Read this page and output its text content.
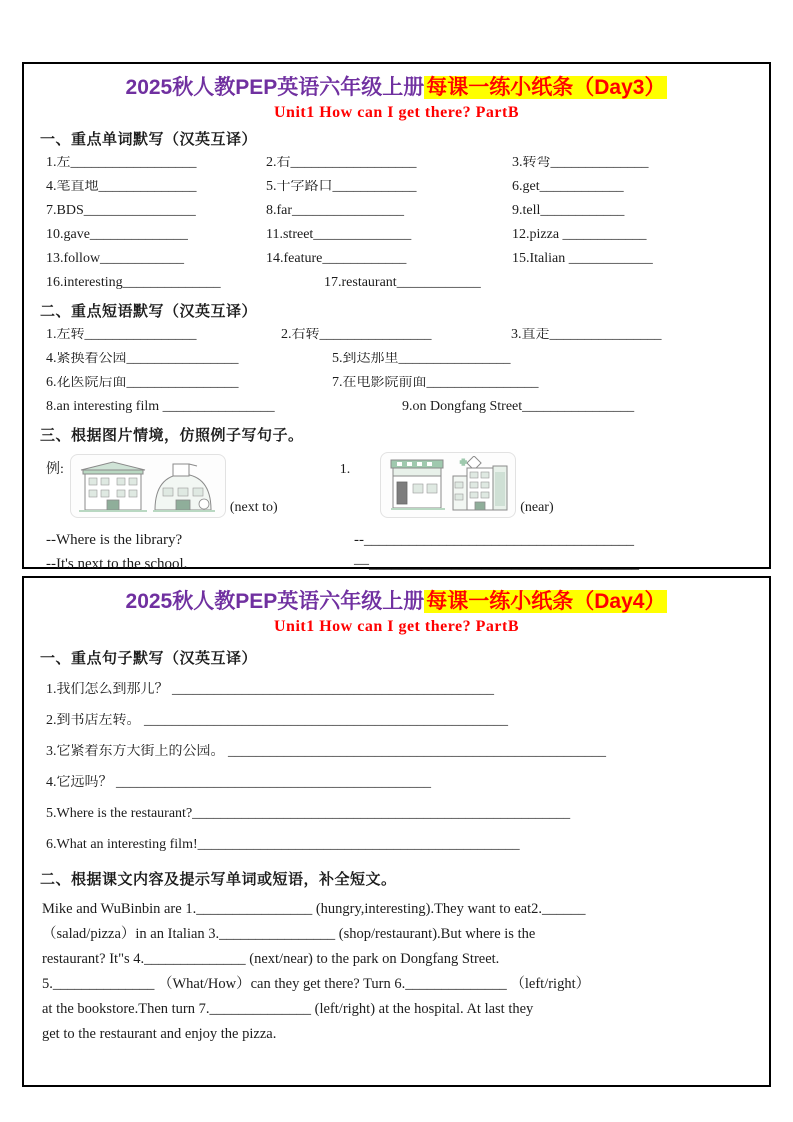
2025秋人教PEP英语六年级上册每课一练小纸条（Day3）
Unit1 How can I get there? PartB
一、重点单词默写（汉英互译）
1.左__________________	2.右__________________	3.转弯______________
4.笔直地______________	5.十字路口____________	6.get____________
7.BDS________________	8.far________________	9.tell____________
10.gave______________	11.street______________	12.pizza ____________
13.follow____________	14.feature____________	15.Italian ____________
16.interesting______________	17.restaurant____________
二、重点短语默写（汉英互译）
1.左转________________	2.右转________________	3.直走________________
4.紧换着公园________________	5.到达那里________________
6.花医院后面________________	7.在电影院前面________________
8.an interesting film ________________	9.on Dongfang Street________________
三、根据图片情境，仿照例子写句子。
例:
(next to)
1.
(near)
--Where is the library?	--____________________________________
--It's next to the school.	—____________________________________
2025秋人教PEP英语六年级上册每课一练小纸条（Day4）
Unit1 How can I get there? PartB
一、重点句子默写（汉英互译）
1.我们怎么到那儿？ ______________________________________________
2.到书店左转。 ____________________________________________________
3.它紧着东方大街上的公园。 ______________________________________________________
4.它远吗？ _____________________________________________
5.Where is the restaurant?______________________________________________________
6.What an interesting film!______________________________________________
二、根据课文内容及提示写单词或短语，补全短文。
Mike and WuBinbin are 1.________________ (hungry,interesting).They want to eat2.______
（salad/pizza）in an Italian 3.________________ (shop/restaurant).But where is the
restaurant? It"s 4.______________ (next/near) to the park on Dongfang Street.
5.______________ （What/How）can they get there? Turn 6.______________ （left/right）
at the bookstore.Then turn 7.______________ (left/right) at the hospital. At last they
get to the restaurant and enjoy the pizza.
